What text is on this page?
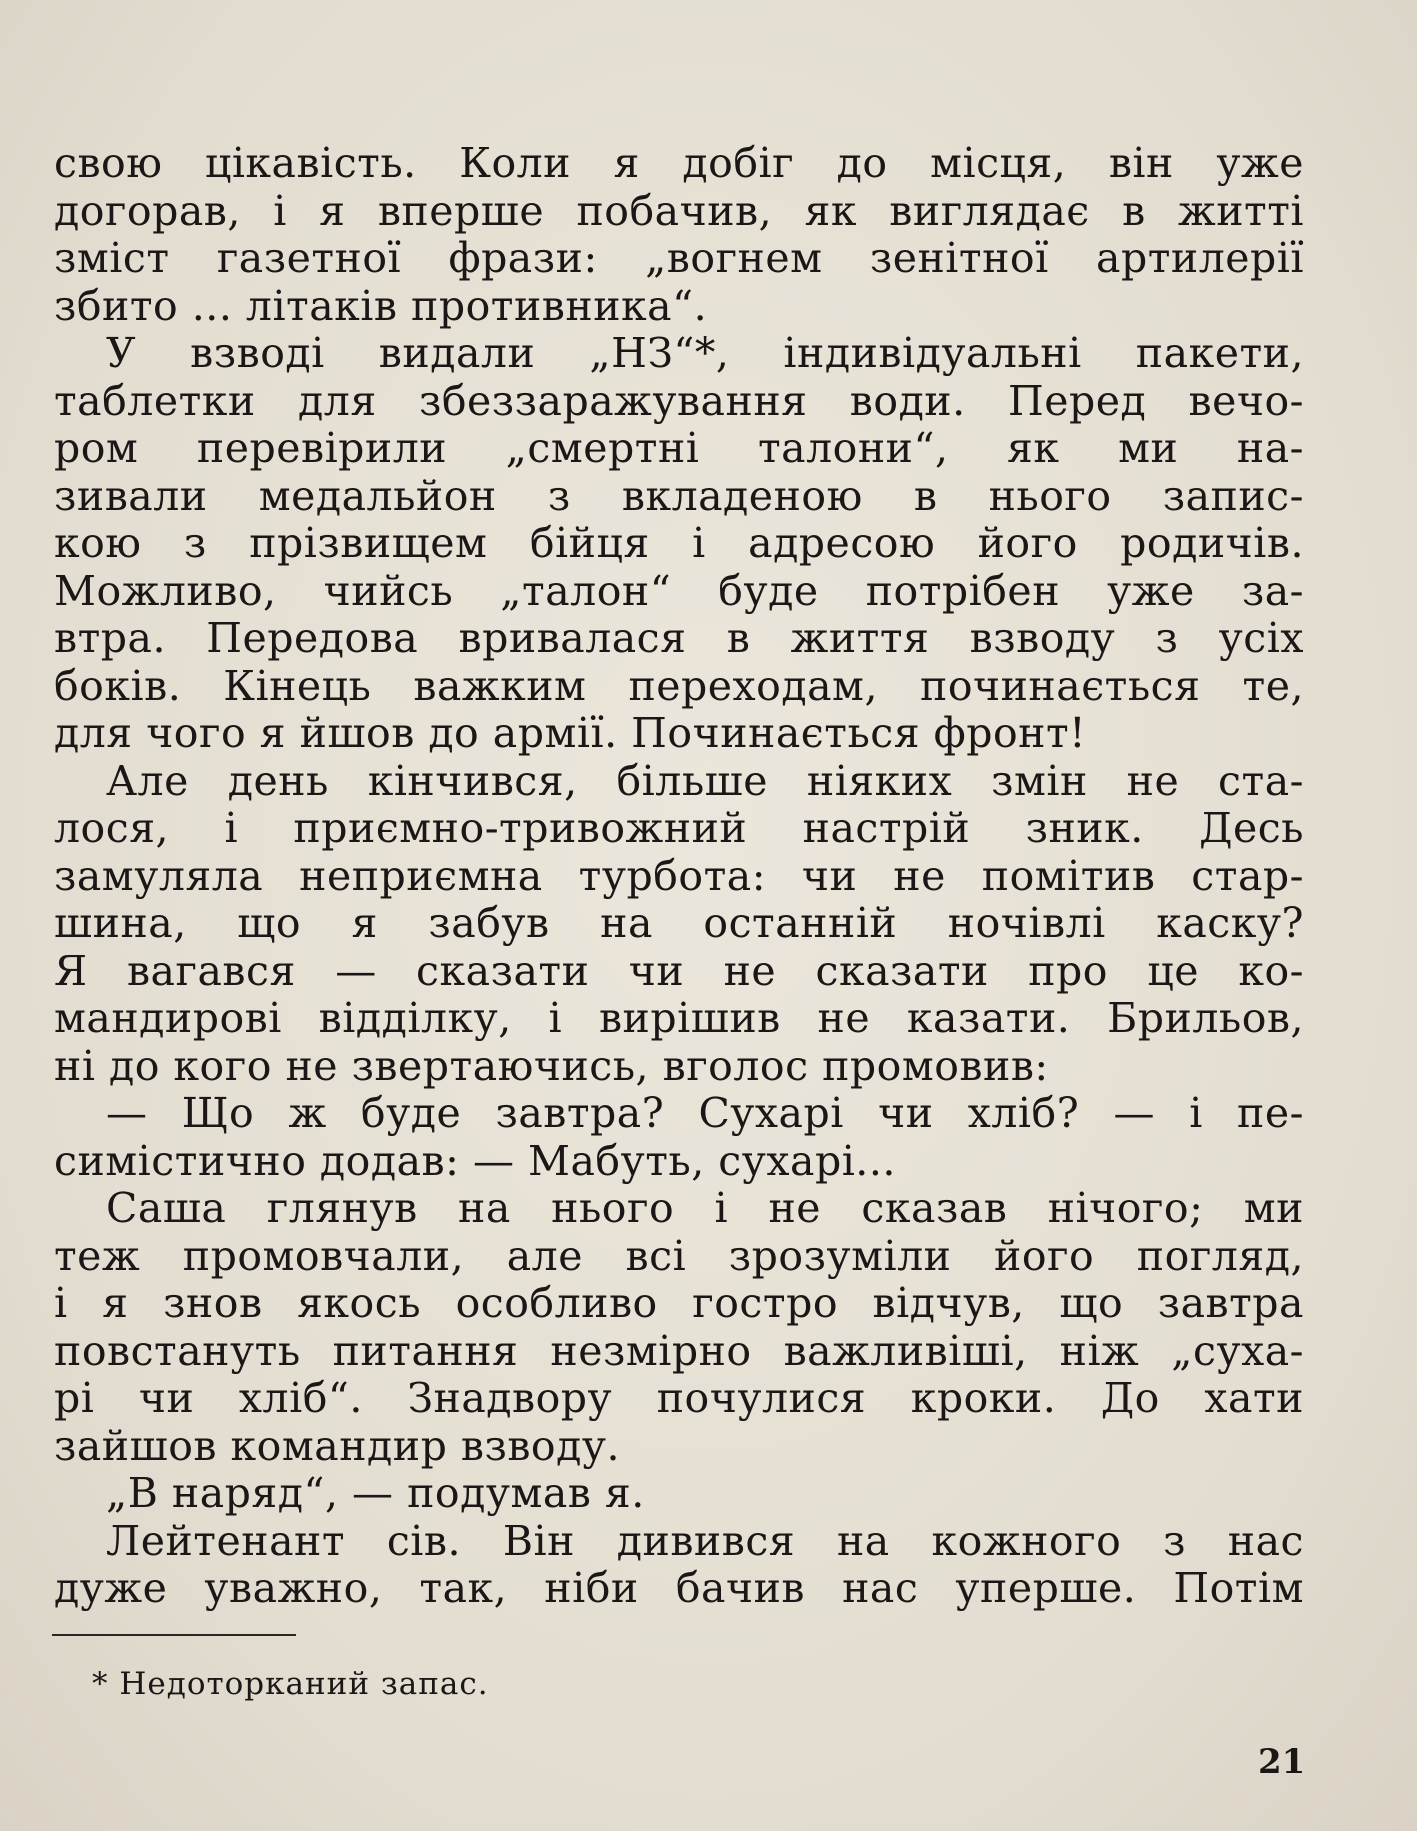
свою цікавість. Коли я добіг до місця, він уже
догорав, і я вперше побачив, як виглядає в житті
зміст газетної фрази: „вогнем зенітної артилерії
збито ... літаків противника“.
У взводі видали „НЗ“*, індивідуальні пакети,
таблетки для збеззаражування води. Перед вечо-
ром перевірили „смертні талони“, як ми на-
зивали медальйон з вкладеною в нього запис-
кою з прізвищем бійця і адресою його родичів.
Можливо, чийсь „талон“ буде потрібен уже за-
втра. Передова вривалася в життя взводу з усіх
боків. Кінець важким переходам, починається те,
для чого я йшов до армії. Починається фронт!
Але день кінчився, більше ніяких змін не ста-
лося, і приємно-тривожний настрій зник. Десь
замуляла неприємна турбота: чи не помітив стар-
шина, що я забув на останній ночівлі каску?
Я вагався — сказати чи не сказати про це ко-
мандирові відділку, і вирішив не казати. Брильов,
ні до кого не звертаючись, вголос промовив:
— Що ж буде завтра? Сухарі чи хліб? — і пе-
симістично додав: — Мабуть, сухарі...
Саша глянув на нього і не сказав нічого; ми
теж промовчали, але всі зрозуміли його погляд,
і я знов якось особливо гостро відчув, що завтра
повстануть питання незмірно важливіші, ніж „суха-
рі чи хліб“. Знадвору почулися кроки. До хати
зайшов командир взводу.
„В наряд“, — подумав я.
Лейтенант сів. Він дивився на кожного з нас
дуже уважно, так, ніби бачив нас уперше. Потім
* Недоторканий запас.
21
